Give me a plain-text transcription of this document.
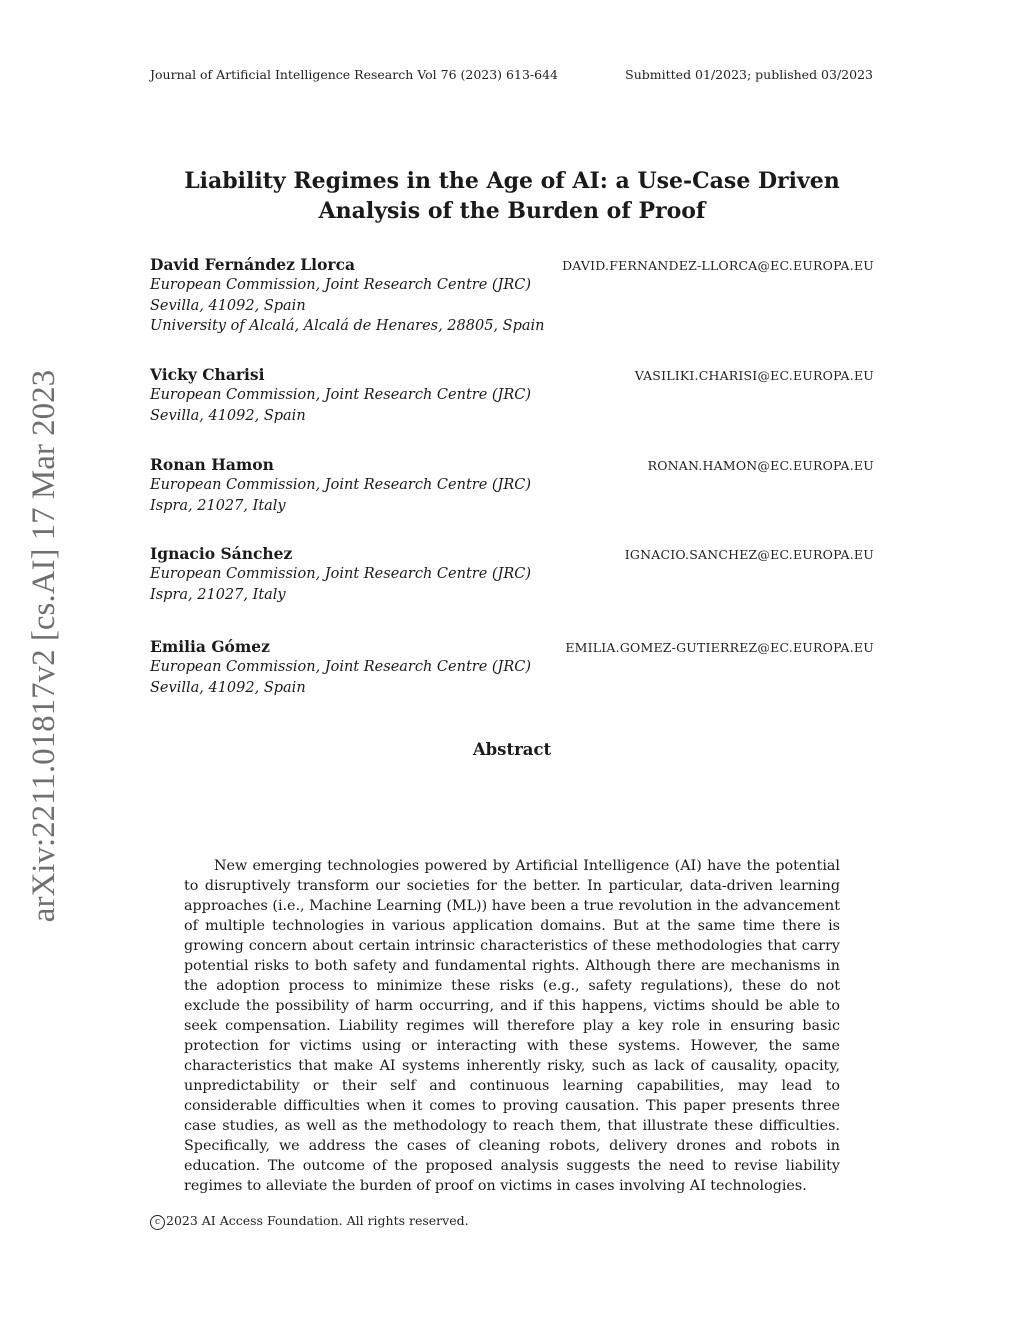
Journal of Artificial Intelligence Research Vol 76 (2023) 613-644	Submitted 01/2023; published 03/2023
arXiv:2211.01817v2 [cs.AI] 17 Mar 2023
Liability Regimes in the Age of AI: a Use-Case Driven
Analysis of the Burden of Proof
David Fernández Llorca	DAVID.FERNANDEZ-LLORCA@EC.EUROPA.EU
European Commission, Joint Research Centre (JRC)
Sevilla, 41092, Spain
University of Alcalá, Alcalá de Henares, 28805, Spain
Vicky Charisi	VASILIKI.CHARISI@EC.EUROPA.EU
European Commission, Joint Research Centre (JRC)
Sevilla, 41092, Spain
Ronan Hamon	RONAN.HAMON@EC.EUROPA.EU
European Commission, Joint Research Centre (JRC)
Ispra, 21027, Italy
Ignacio Sánchez	IGNACIO.SANCHEZ@EC.EUROPA.EU
European Commission, Joint Research Centre (JRC)
Ispra, 21027, Italy
Emilia Gómez	EMILIA.GOMEZ-GUTIERREZ@EC.EUROPA.EU
European Commission, Joint Research Centre (JRC)
Sevilla, 41092, Spain
Abstract

New emerging technologies powered by Artificial Intelligence (AI) have the potential to disruptively transform our societies for the better. In particular, data-driven learning approaches (i.e., Machine Learning (ML)) have been a true revolution in the advancement of multiple technologies in various application domains. But at the same time there is growing concern about certain intrinsic characteristics of these methodologies that carry potential risks to both safety and fundamental rights. Although there are mechanisms in the adoption process to minimize these risks (e.g., safety regulations), these do not exclude the possibility of harm occurring, and if this happens, victims should be able to seek compensation. Liability regimes will therefore play a key role in ensuring basic protection for victims using or interacting with these systems. However, the same characteristics that make AI systems inherently risky, such as lack of causality, opacity, unpredictability or their self and continuous learning capabilities, may lead to considerable difficulties when it comes to proving causation. This paper presents three case studies, as well as the methodology to reach them, that illustrate these difficulties. Specifically, we address the cases of cleaning robots, delivery drones and robots in education. The outcome of the proposed analysis suggests the need to revise liability regimes to alleviate the burden of proof on victims in cases involving AI technologies.

c 2023 AI Access Foundation. All rights reserved.
